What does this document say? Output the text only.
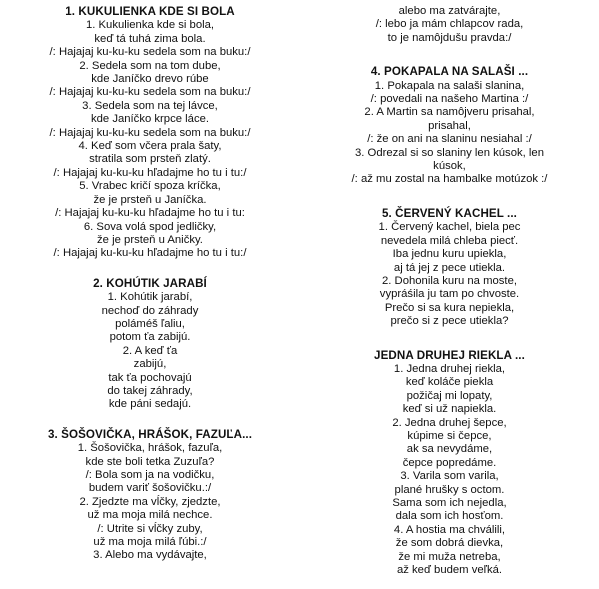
1. KUKULIENKA KDE SI BOLA
1. Kukulienka kde si bola,
keď tá tuhá zima bola.
/: Hajajaj ku-ku-ku sedela som na buku:/
2. Sedela som na tom dube,
kde Janíčko drevo rúbe
/: Hajajaj ku-ku-ku sedela som na buku:/
3. Sedela som na tej lávce,
kde Janíčko krpce láce.
/: Hajajaj ku-ku-ku sedela som na buku:/
4. Keď som včera prala šaty,
stratila som prsteň zlatý.
/: Hajajaj ku-ku-ku hľadajme ho tu i tu:/
5. Vrabec kričí spoza kríčka,
že je prsteň u Janíčka.
/: Hajajaj ku-ku-ku hľadajme ho tu i tu:
6. Sova volá spod jedličky,
že je prsteň u Aničky.
/: Hajajaj ku-ku-ku hľadajme ho tu i tu:/
2. KOHÚTIK JARABÍ
1. Kohútik jarabí,
nechoď do záhrady
poláméš ľaliu,
potom ťa zabijú.
2. A keď ťa
zabijú,
tak ťa pochovajú
do takej záhrady,
kde páni sedajú.
3. ŠOŠOVIČKA, HRÁŠOK, FAZUĽA...
1. Šošovička, hrášok, fazuľa,
kde ste boli tetka Zuzuľa?
/: Bola som ja na vodičku,
budem variť šošovičku.:/
2. Zjedzte ma vĺčky, zjedzte,
už ma moja milá nechce.
/: Utrite si vĺčky zuby,
už ma moja milá ľúbi.:/
3. Alebo ma vydávajte,
alebo ma zatvárajte,
/: lebo ja mám chlapcov rada,
to je namôjdušu pravda:/
4. POKAPALA NA SALAŠI ...
1. Pokapala na salaši slanina,
/: povedali na našeho Martina :/
2. A Martin sa namôjveru prisahal,
prisahal,
/: že on ani na slaninu nesiahal :/
3. Odrezal si so slaniny len kúsok, len
kúsok,
/: až mu zostal na hambalke motúzok :/
5. ČERVENÝ KACHEL ...
1. Červený kachel, biela pec
nevedela milá chleba piecť.
Iba jednu kuru upiekla,
aj tá jej z pece utiekla.
2. Dohonila kuru na moste,
vypráśila ju tam po chvoste.
Prečo si sa kura nepiekla,
prečo si z pece utiekla?
JEDNA DRUHEJ RIEKLA ...
1. Jedna druhej riekla,
keď koláče piekla
požičaj mi lopaty,
keď si už napiekla.
2. Jedna druhej šepce,
kúpime si čepce,
ak sa nevydáme,
čepce popredáme.
3. Varila som varila,
plané hrušky s octom.
Sama som ich nejedla,
dala som ich hosťom.
4. A hostia ma chválili,
že som dobrá dievka,
že mi muža netreba,
až keď budem veľká.
